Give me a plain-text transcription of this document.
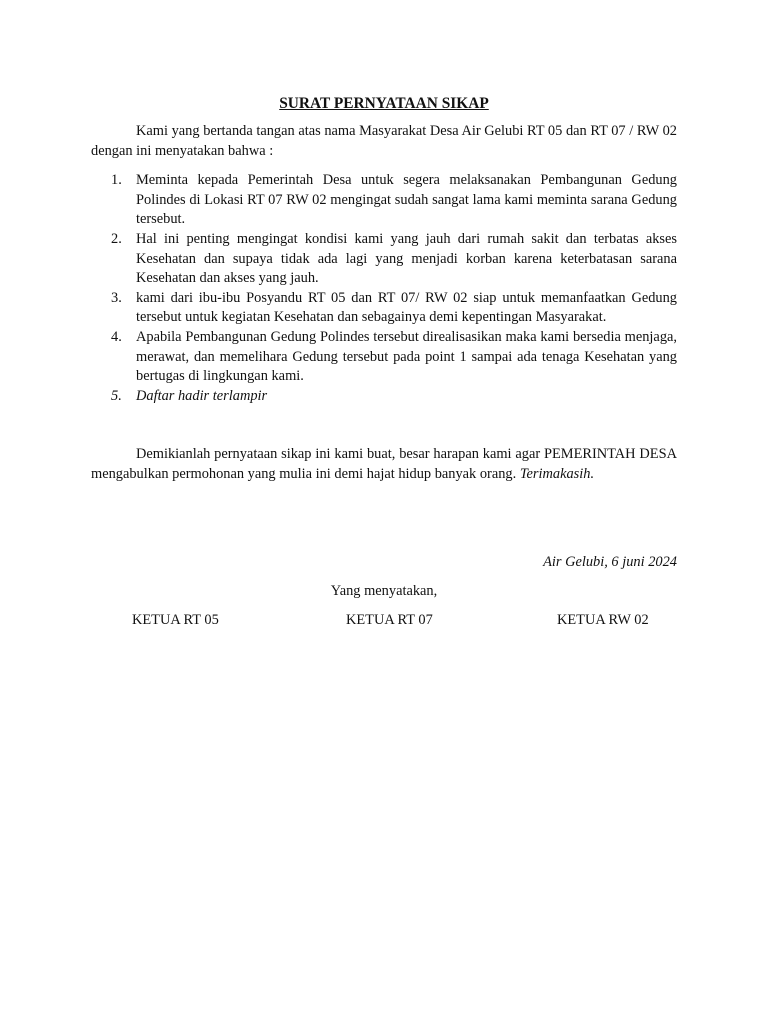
SURAT PERNYATAAN SIKAP

Kami yang bertanda tangan atas nama Masyarakat Desa Air Gelubi RT 05 dan RT 07 / RW 02 dengan ini menyatakan bahwa :

1. Meminta kepada Pemerintah Desa untuk segera melaksanakan Pembangunan Gedung Polindes di Lokasi RT 07 RW 02 mengingat sudah sangat lama kami meminta sarana Gedung tersebut.
2. Hal ini penting mengingat kondisi kami yang jauh dari rumah sakit dan terbatas akses Kesehatan dan supaya tidak ada lagi yang menjadi korban karena keterbatasan sarana Kesehatan dan akses yang jauh.
3. kami dari ibu-ibu Posyandu RT 05 dan RT 07/ RW 02 siap untuk memanfaatkan Gedung tersebut untuk kegiatan Kesehatan dan sebagainya demi kepentingan Masyarakat.
4. Apabila Pembangunan Gedung Polindes tersebut direalisasikan maka kami bersedia menjaga, merawat, dan memelihara Gedung tersebut pada point 1 sampai ada tenaga Kesehatan yang bertugas di lingkungan kami.
5. Daftar hadir terlampir

Demikianlah pernyataan sikap ini kami buat, besar harapan kami agar PEMERINTAH DESA mengabulkan permohonan yang mulia ini demi hajat hidup banyak orang. Terimakasih.

Air Gelubi, 6 juni 2024
Yang menyatakan,
KETUA RT 05	KETUA RT 07	KETUA RW 02
